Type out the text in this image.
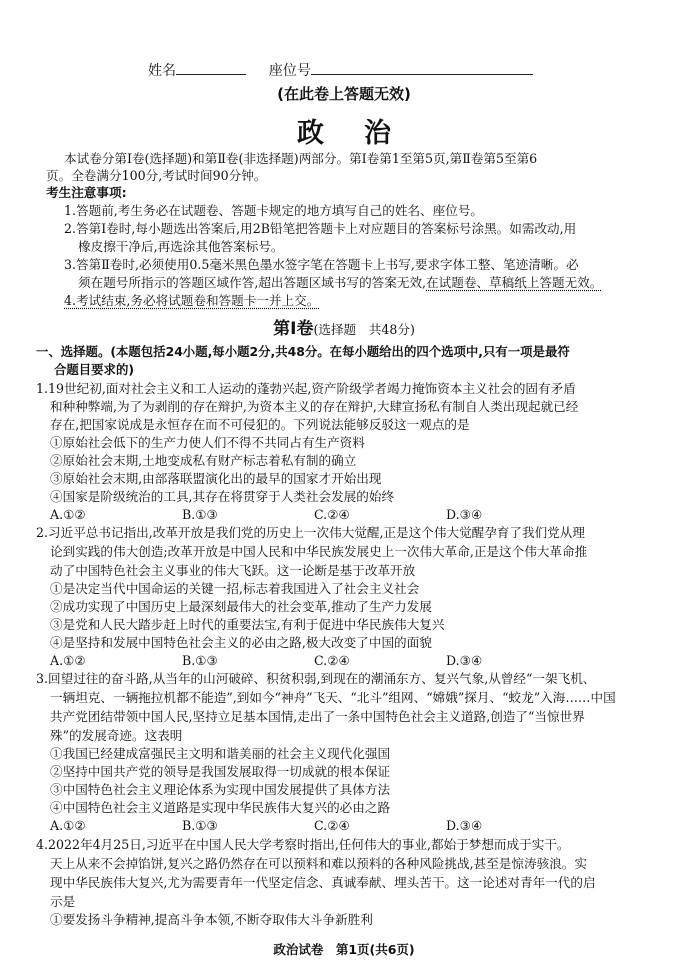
姓名	座位号
(在此卷上答题无效)
政治
本试卷分第Ⅰ卷(选择题)和第Ⅱ卷(非选择题)两部分。第Ⅰ卷第1至第5页,第Ⅱ卷第5至第6
页。全卷满分100分,考试时间90分钟。
考生注意事项:
1.答题前,考生务必在试题卷、答题卡规定的地方填写自己的姓名、座位号。
2.答第Ⅰ卷时,每小题选出答案后,用2B铅笔把答题卡上对应题目的答案标号涂黑。如需改动,用
橡皮擦干净后,再选涂其他答案标号。
3.答第Ⅱ卷时,必须使用0.5毫米黑色墨水签字笔在答题卡上书写,要求字体工整、笔迹清晰。必
须在题号所指示的答题区域作答,超出答题区域书写的答案无效,在试题卷、草稿纸上答题无效。
4.考试结束,务必将试题卷和答题卡一并上交。
第Ⅰ卷(选择题　共48分)
一、选择题。(本题包括24小题,每小题2分,共48分。在每小题给出的四个选项中,只有一项是最符
合题目要求的)
1.19世纪初,面对社会主义和工人运动的蓬勃兴起,资产阶级学者竭力掩饰资本主义社会的固有矛盾
和种种弊端,为了为剥削的存在辩护,为资本主义的存在辩护,大肆宣扬私有制自人类出现起就已经
存在,把国家说成是永恒存在而不可侵犯的。下列说法能够反驳这一观点的是
①原始社会低下的生产力使人们不得不共同占有生产资料
②原始社会末期,土地变成私有财产标志着私有制的确立
③原始社会末期,由部落联盟演化出的最早的国家才开始出现
④国家是阶级统治的工具,其存在将贯穿于人类社会发展的始终
A.①②	B.①③	C.②④	D.③④
2.习近平总书记指出,改革开放是我们党的历史上一次伟大觉醒,正是这个伟大觉醒孕育了我们党从理
论到实践的伟大创造;改革开放是中国人民和中华民族发展史上一次伟大革命,正是这个伟大革命推
动了中国特色社会主义事业的伟大飞跃。这一论断是基于改革开放
①是决定当代中国命运的关键一招,标志着我国进入了社会主义社会
②成功实现了中国历史上最深刻最伟大的社会变革,推动了生产力发展
③是党和人民大踏步赶上时代的重要法宝,有利于促进中华民族伟大复兴
④是坚持和发展中国特色社会主义的必由之路,极大改变了中国的面貌
A.①②	B.①③	C.②④	D.③④
3.回望过往的奋斗路,从当年的山河破碎、积贫积弱,到现在的潮涌东方、复兴气象,从曾经“一架飞机、
一辆坦克、一辆拖拉机都不能造”,到如今“神舟”飞天、“北斗”组网、“嫦娥”探月、“蛟龙”入海……中国
共产党团结带领中国人民,坚持立足基本国情,走出了一条中国特色社会主义道路,创造了“当惊世界
殊”的发展奇迹。这表明
①我国已经建成富强民主文明和谐美丽的社会主义现代化强国
②坚持中国共产党的领导是我国发展取得一切成就的根本保证
③中国特色社会主义理论体系为实现中国发展提供了具体方法
④中国特色社会主义道路是实现中华民族伟大复兴的必由之路
A.①②	B.①③	C.②④	D.③④
4.2022年4月25日,习近平在中国人民大学考察时指出,任何伟大的事业,都始于梦想而成于实干。
天上从来不会掉馅饼,复兴之路仍然存在可以预料和难以预料的各种风险挑战,甚至是惊涛骇浪。实
现中华民族伟大复兴,尤为需要青年一代坚定信念、真诚奉献、埋头苦干。这一论述对青年一代的启
示是
①要发扬斗争精神,提高斗争本领,不断夺取伟大斗争新胜利
政治试卷　第1页(共6页)
